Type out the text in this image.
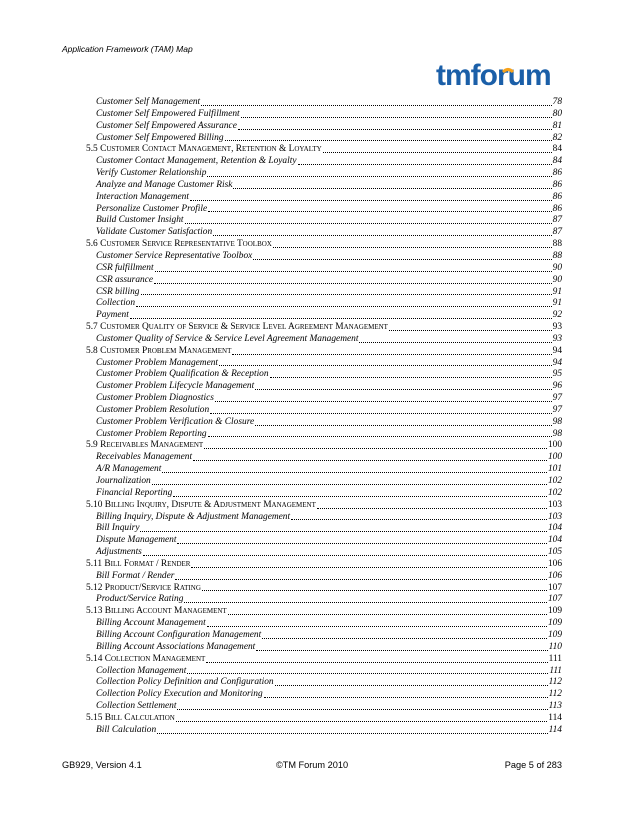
Application Framework (TAM) Map
tmforum
Customer Self Management	78
Customer Self Empowered Fulfillment	80
Customer Self Empowered Assurance	81
Customer Self Empowered Billing	82
5.5 Customer Contact Management, Retention & Loyalty	84
Customer Contact Management, Retention & Loyalty	84
Verify Customer Relationship	86
Analyze and Manage Customer Risk	86
Interaction Management	86
Personalize Customer Profile	86
Build Customer Insight	87
Validate Customer Satisfaction	87
5.6 Customer Service Representative Toolbox	88
Customer Service Representative Toolbox	88
CSR fulfillment	90
CSR assurance	90
CSR billing	91
Collection	91
Payment	92
5.7 Customer Quality of Service & Service Level Agreement Management	93
Customer Quality of Service & Service Level Agreement Management	93
5.8 Customer Problem Management	94
Customer Problem Management	94
Customer Problem Qualification & Reception	95
Customer Problem Lifecycle Management	96
Customer Problem Diagnostics	97
Customer Problem Resolution	97
Customer Problem Verification & Closure	98
Customer Problem Reporting	98
5.9 Receivables Management	100
Receivables Management	100
A/R Management	101
Journalization	102
Financial Reporting	102
5.10 Billing Inquiry, Dispute & Adjustment Management	103
Billing Inquiry, Dispute & Adjustment Management	103
Bill Inquiry	104
Dispute Management	104
Adjustments	105
5.11 Bill Format / Render	106
Bill Format / Render	106
5.12 Product/Service Rating	107
Product/Service Rating	107
5.13 Billing Account Management	109
Billing Account Management	109
Billing Account Configuration Management	109
Billing Account Associations Management	110
5.14 Collection Management	111
Collection Management	111
Collection Policy Definition and Configuration	112
Collection Policy Execution and Monitoring	112
Collection Settlement	113
5.15 Bill Calculation	114
Bill Calculation	114
GB929, Version 4.1	©TM Forum 2010	Page 5 of 283
